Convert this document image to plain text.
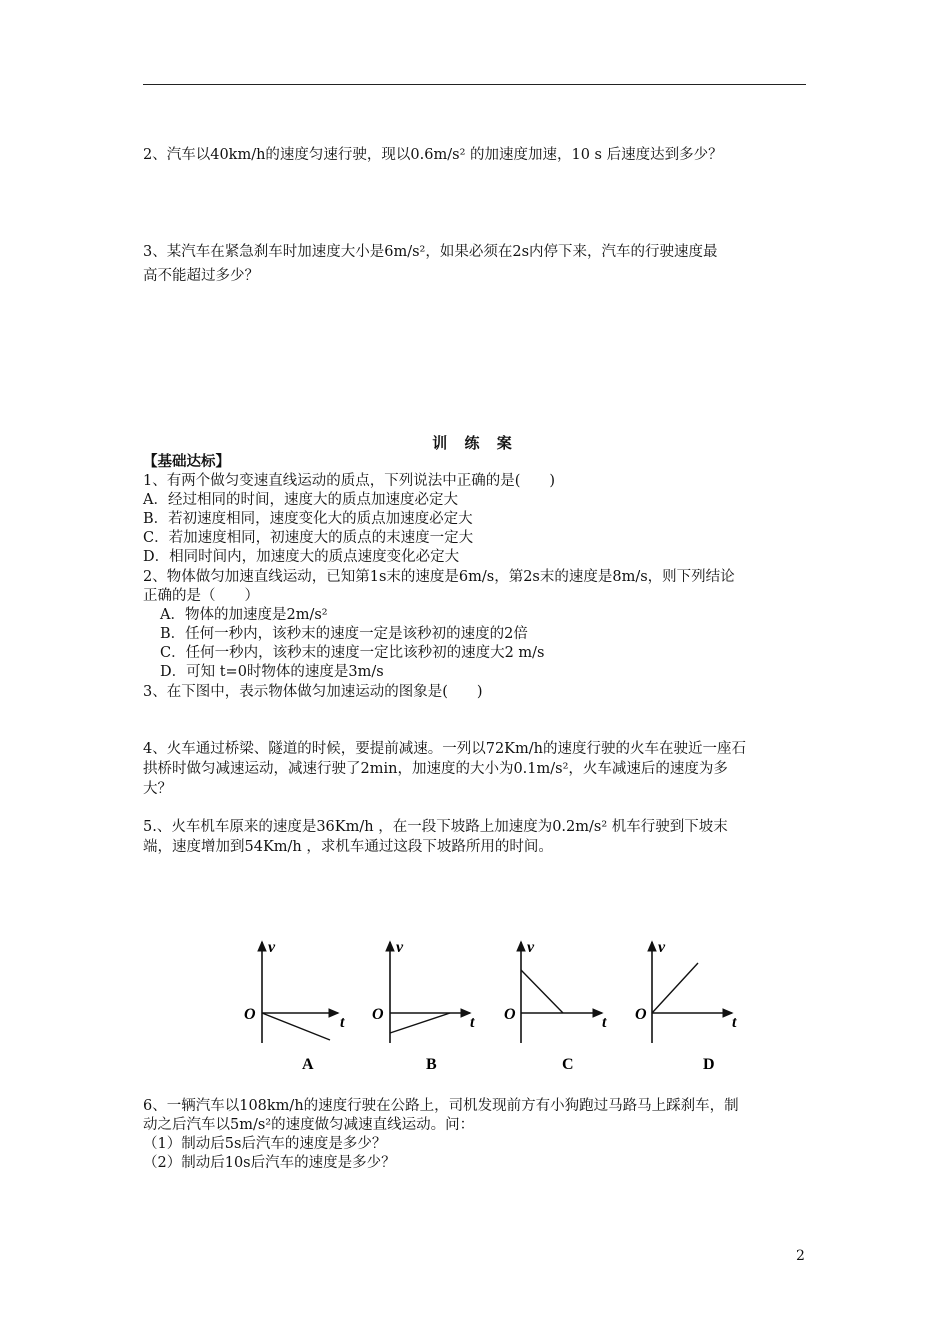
2、汽车以40km/h的速度匀速行驶，现以0.6m/s² 的加速度加速，10 s 后速度达到多少？
3、某汽车在紧急刹车时加速度大小是6m/s²，如果必须在2s内停下来，汽车的行驶速度最
高不能超过多少？
训 练 案
【基础达标】
1、有两个做匀变速直线运动的质点，下列说法中正确的是(　　)
A．经过相同的时间，速度大的质点加速度必定大
B．若初速度相同，速度变化大的质点加速度必定大
C．若加速度相同，初速度大的质点的末速度一定大
D．相同时间内，加速度大的质点速度变化必定大
2、物体做匀加速直线运动，已知第1s末的速度是6m/s，第2s末的速度是8m/s，则下列结论
正确的是（　　）
A．物体的加速度是2m/s²
B．任何一秒内，该秒末的速度一定是该秒初的速度的2倍
C．任何一秒内，该秒末的速度一定比该秒初的速度大2 m/s
D．可知 t=0时物体的速度是3m/s
3、在下图中，表示物体做匀加速运动的图象是(　　)
4、火车通过桥梁、隧道的时候，要提前减速。一列以72Km/h的速度行驶的火车在驶近一座石
拱桥时做匀减速运动，减速行驶了2min，加速度的大小为0.1m/s²，火车减速后的速度为多
大？
5.、火车机车原来的速度是36Km/h ，在一段下坡路上加速度为0.2m/s² 机车行驶到下坡末
端，速度增加到54Km/h ，求机车通过这段下坡路所用的时间。
v
t
O
A
v
t
O
B
v
t
O
C
v
t
O
D
6、一辆汽车以108km/h的速度行驶在公路上，司机发现前方有小狗跑过马路马上踩刹车，制
动之后汽车以5m/s²的速度做匀减速直线运动。问：
（1）制动后5s后汽车的速度是多少？
（2）制动后10s后汽车的速度是多少？
2
